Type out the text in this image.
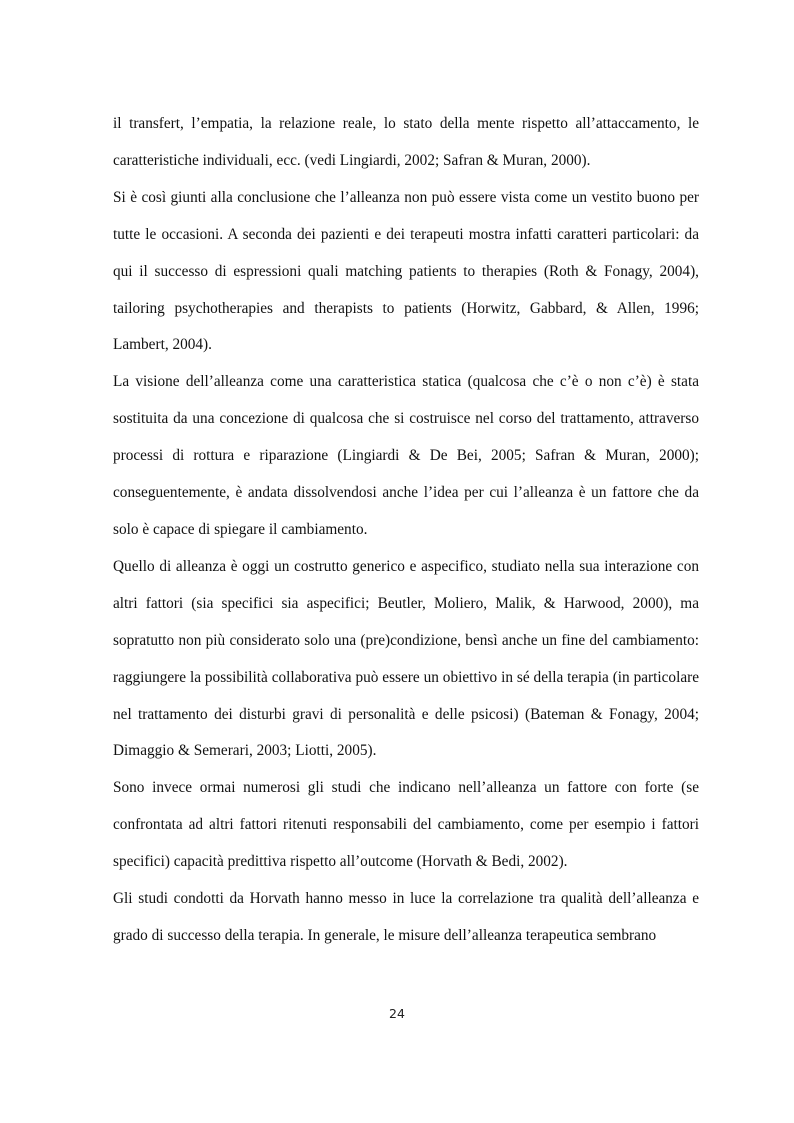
il transfert, l’empatia, la relazione reale, lo stato della mente rispetto all’attaccamento, le caratteristiche individuali, ecc. (vedi Lingiardi, 2002; Safran & Muran, 2000).

Si è così giunti alla conclusione che l’alleanza non può essere vista come un vestito buono per tutte le occasioni. A seconda dei pazienti e dei terapeuti mostra infatti caratteri particolari: da qui il successo di espressioni quali matching patients to therapies (Roth & Fonagy, 2004), tailoring psychotherapies and therapists to patients (Horwitz, Gabbard, & Allen, 1996; Lambert, 2004).

La visione dell’alleanza come una caratteristica statica (qualcosa che c’è o non c’è) è stata sostituita da una concezione di qualcosa che si costruisce nel corso del trattamento, attraverso processi di rottura e riparazione (Lingiardi & De Bei, 2005; Safran & Muran, 2000); conseguentemente, è andata dissolvendosi anche l’idea per cui l’alleanza è un fattore che da solo è capace di spiegare il cambiamento.

Quello di alleanza è oggi un costrutto generico e aspecifico, studiato nella sua interazione con altri fattori (sia specifici sia aspecifici; Beutler, Moliero, Malik, & Harwood, 2000), ma sopratutto non più considerato solo una (pre)condizione, bensì anche un fine del cambiamento: raggiungere la possibilità collaborativa può essere un obiettivo in sé della terapia (in particolare nel trattamento dei disturbi gravi di personalità e delle psicosi) (Bateman & Fonagy, 2004; Dimaggio & Semerari, 2003; Liotti, 2005).

Sono invece ormai numerosi gli studi che indicano nell’alleanza un fattore con forte (se confrontata ad altri fattori ritenuti responsabili del cambiamento, come per esempio i fattori specifici) capacità predittiva rispetto all’outcome (Horvath & Bedi, 2002).

Gli studi condotti da Horvath hanno messo in luce la correlazione tra qualità dell’alleanza e grado di successo della terapia. In generale, le misure dell’alleanza terapeutica sembrano

24
